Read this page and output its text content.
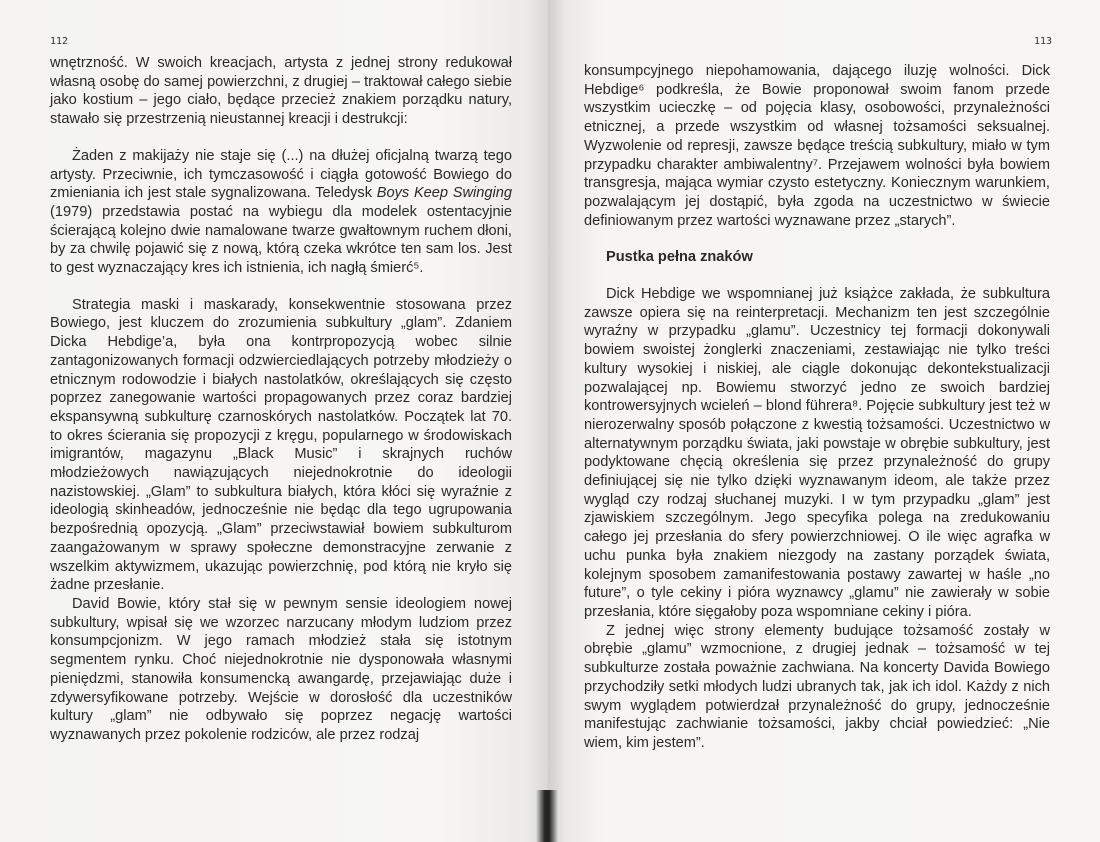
112

wnętrzność. W swoich kreacjach, artysta z jednej strony redukował własną osobę do samej powierzchni, z drugiej – traktował całego siebie jako kostium – jego ciało, będące przecież znakiem porządku natury, stawało się przestrzenią nieustannej kreacji i destrukcji:

Żaden z makijaży nie staje się (...) na dłużej oficjalną twarzą tego artysty. Przeciwnie, ich tymczasowość i ciągła gotowość Bowiego do zmieniania ich jest stale sygnalizowana. Teledysk Boys Keep Swinging (1979) przedstawia postać na wybiegu dla modelek ostentacyjnie ścierającą kolejno dwie namalowane twarze gwałtownym ruchem dłoni, by za chwilę pojawić się z nową, którą czeka wkrótce ten sam los. Jest to gest wyznaczający kres ich istnienia, ich nagłą śmierć⁵.

Strategia maski i maskarady, konsekwentnie stosowana przez Bowiego, jest kluczem do zrozumienia subkultury „glam”. Zdaniem Dicka Hebdige’a, była ona kontrpropozycją wobec silnie zantagonizowanych formacji odzwierciedlających potrzeby młodzieży o etnicznym rodowodzie i białych nastolatków, określających się często poprzez zanegowanie wartości propagowanych przez coraz bardziej ekspansywną subkulturę czarnoskórych nastolatków. Początek lat 70. to okres ścierania się propozycji z kręgu, popularnego w środowiskach imigrantów, magazynu „Black Music” i skrajnych ruchów młodzieżowych nawiązujących niejednokrotnie do ideologii nazistowskiej. „Glam” to subkultura białych, która kłóci się wyraźnie z ideologią skinheadów, jednocześnie nie będąc dla tego ugrupowania bezpośrednią opozycją. „Glam” przeciwstawiał bowiem subkulturom zaangażowanym w sprawy społeczne demonstracyjne zerwanie z wszelkim aktywizmem, ukazując powierzchnię, pod którą nie kryło się żadne przesłanie.

David Bowie, który stał się w pewnym sensie ideologiem nowej subkultury, wpisał się we wzorzec narzucany młodym ludziom przez konsumpcjonizm. W jego ramach młodzież stała się istotnym segmentem rynku. Choć niejednokrotnie nie dysponowała własnymi pieniędzmi, stanowiła konsumencką awangardę, przejawiając duże i zdywersyfikowane potrzeby. Wejście w dorosłość dla uczestników kultury „glam” nie odbywało się poprzez negację wartości wyznawanych przez pokolenie rodziców, ale przez rodzaj

113

konsumpcyjnego niepohamowania, dającego iluzję wolności. Dick Hebdige⁶ podkreśla, że Bowie proponował swoim fanom przede wszystkim ucieczkę – od pojęcia klasy, osobowości, przynależności etnicznej, a przede wszystkim od własnej tożsamości seksualnej. Wyzwolenie od represji, zawsze będące treścią subkultury, miało w tym przypadku charakter ambiwalentny⁷. Przejawem wolności była bowiem transgresja, mająca wymiar czysto estetyczny. Koniecznym warunkiem, pozwalającym jej dostąpić, była zgoda na uczestnictwo w świecie definiowanym przez wartości wyznawane przez „starych”.

Pustka pełna znaków

Dick Hebdige we wspomnianej już książce zakłada, że subkultura zawsze opiera się na reinterpretacji. Mechanizm ten jest szczególnie wyraźny w przypadku „glamu”. Uczestnicy tej formacji dokonywali bowiem swoistej żonglerki znaczeniami, zestawiając nie tylko treści kultury wysokiej i niskiej, ale ciągle dokonując dekontekstualizacji pozwalającej np. Bowiemu stworzyć jedno ze swoich bardziej kontrowersyjnych wcieleń – blond führera⁸. Pojęcie subkultury jest też w nierozerwalny sposób połączone z kwestią tożsamości. Uczestnictwo w alternatywnym porządku świata, jaki powstaje w obrębie subkultury, jest podyktowane chęcią określenia się przez przynależność do grupy definiującej się nie tylko dzięki wyznawanym ideom, ale także przez wygląd czy rodzaj słuchanej muzyki. I w tym przypadku „glam” jest zjawiskiem szczególnym. Jego specyfika polega na zredukowaniu całego jej przesłania do sfery powierzchniowej. O ile więc agrafka w uchu punka była znakiem niezgody na zastany porządek świata, kolejnym sposobem zamanifestowania postawy zawartej w haśle „no future”, o tyle cekiny i pióra wyznawcy „glamu” nie zawierały w sobie przesłania, które sięgałoby poza wspomniane cekiny i pióra.

Z jednej więc strony elementy budujące tożsamość zostały w obrębie „glamu” wzmocnione, z drugiej jednak – tożsamość w tej subkulturze została poważnie zachwiana. Na koncerty Davida Bowiego przychodziły setki młodych ludzi ubranych tak, jak ich idol. Każdy z nich swym wyglądem potwierdzał przynależność do grupy, jednocześnie manifestując zachwianie tożsamości, jakby chciał powiedzieć: „Nie wiem, kim jestem”.
